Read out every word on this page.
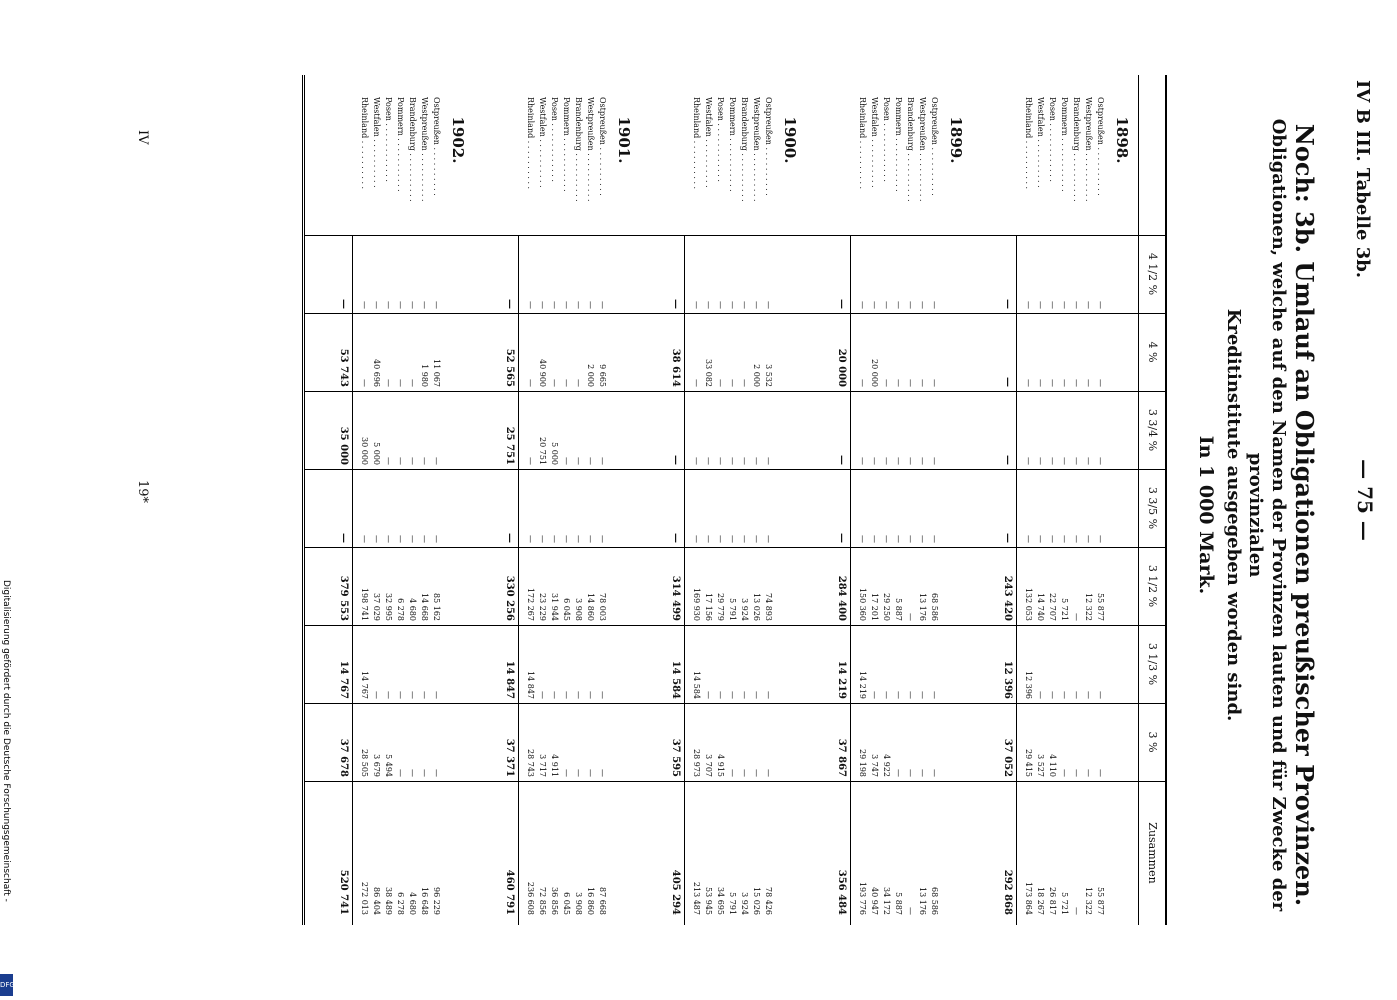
IV B III. Tabelle 3b.
— 75 —
Noch: 3b. Umlauf an Obligationen preußischer Provinzen.
Obligationen, welche auf den Namen der Provinzen lauten und für Zwecke der provinzialen
Kreditinstitute ausgegeben worden sind.
In 1 000 Mark.
4 1/2 %
4 %
3 3/4 %
3 3/5 %
3 1/2 %
3 1/3 %
3 %
Zusammen
1898.
Ostpreußen . . . . . . . . . .
—
—
—
—
55 877
—
—
55 877
Westpreußen . . . . . . . . . .
—
—
—
—
12 322
—
—
12 322
Brandenburg . . . . . . . . . .
—
—
—
—
—
—
—
—
Pommern . . . . . . . . . . .
—
—
—
—
5 721
—
—
5 721
Posen . . . . . . . . . . . .
—
—
—
—
22 707
—
4 110
26 817
Westfalen . . . . . . . . . .
—
—
—
—
14 740
—
3 527
18 267
Rheinland . . . . . . . . . .
—
—
—
—
132 053
12 396
29 415
173 864
—
—
—
—
243 420
12 396
37 052
292 868
1899.
Ostpreußen . . . . . . . . . .
—
—
—
—
68 586
—
—
68 586
Westpreußen . . . . . . . . . .
—
—
—
—
13 176
—
—
13 176
Brandenburg . . . . . . . . . .
—
—
—
—
—
—
—
—
Pommern . . . . . . . . . . .
—
—
—
—
5 887
—
—
5 887
Posen . . . . . . . . . . . .
—
—
—
—
29 250
—
4 922
34 172
Westfalen . . . . . . . . . .
—
20 000
—
—
17 201
—
3 747
40 947
Rheinland . . . . . . . . . .
—
—
—
—
150 360
14 219
29 198
193 776
—
20 000
—
—
284 400
14 219
37 867
356 484
1900.
Ostpreußen . . . . . . . . . .
—
3 532
—
—
74 893
—
—
78 426
Westpreußen . . . . . . . . . .
—
2 000
—
—
13 026
—
—
15 026
Brandenburg . . . . . . . . . .
—
—
—
—
3 924
—
—
3 924
Pommern . . . . . . . . . . .
—
—
—
—
5 791
—
—
5 791
Posen . . . . . . . . . . . .
—
—
—
—
29 779
—
4 915
34 695
Westfalen . . . . . . . . . .
—
33 082
—
—
17 156
—
3 707
53 945
Rheinland . . . . . . . . . .
—
—
—
—
169 930
14 584
28 973
213 487
—
38 614
—
—
314 499
14 584
37 595
405 294
1901.
Ostpreußen . . . . . . . . . .
—
9 665
—
—
78 003
—
—
87 668
Westpreußen . . . . . . . . . .
—
2 000
—
—
14 860
—
—
16 860
Brandenburg . . . . . . . . . .
—
—
—
—
3 908
—
—
3 908
Pommern . . . . . . . . . . .
—
—
—
—
6 045
—
—
6 045
Posen . . . . . . . . . . . .
—
—
5 000
—
31 944
—
4 911
36 856
Westfalen . . . . . . . . . .
—
40 900
20 751
—
23 229
—
3 717
72 856
Rheinland . . . . . . . . . .
—
—
—
—
172 267
14 847
28 743
236 608
—
52 565
25 751
—
330 256
14 847
37 371
460 791
1902.
Ostpreußen . . . . . . . . . .
—
11 067
—
—
85 162
—
—
96 229
Westpreußen . . . . . . . . . .
—
1 980
—
—
14 668
—
—
16 648
Brandenburg . . . . . . . . . .
—
—
—
—
4 680
—
—
4 680
Pommern . . . . . . . . . . .
—
—
—
—
6 278
—
—
6 278
Posen . . . . . . . . . . . .
—
—
—
—
32 995
—
5 494
38 489
Westfalen . . . . . . . . . .
—
40 696
5 000
—
37 029
—
3 679
86 404
Rheinland . . . . . . . . . .
—
—
30 000
—
198 741
14 767
28 505
272 013
—
53 743
35 000
—
379 553
14 767
37 678
520 741
IV
19*
Digitalisierung gefördert durch die Deutsche Forschungsgemeinschaft -
DFG
